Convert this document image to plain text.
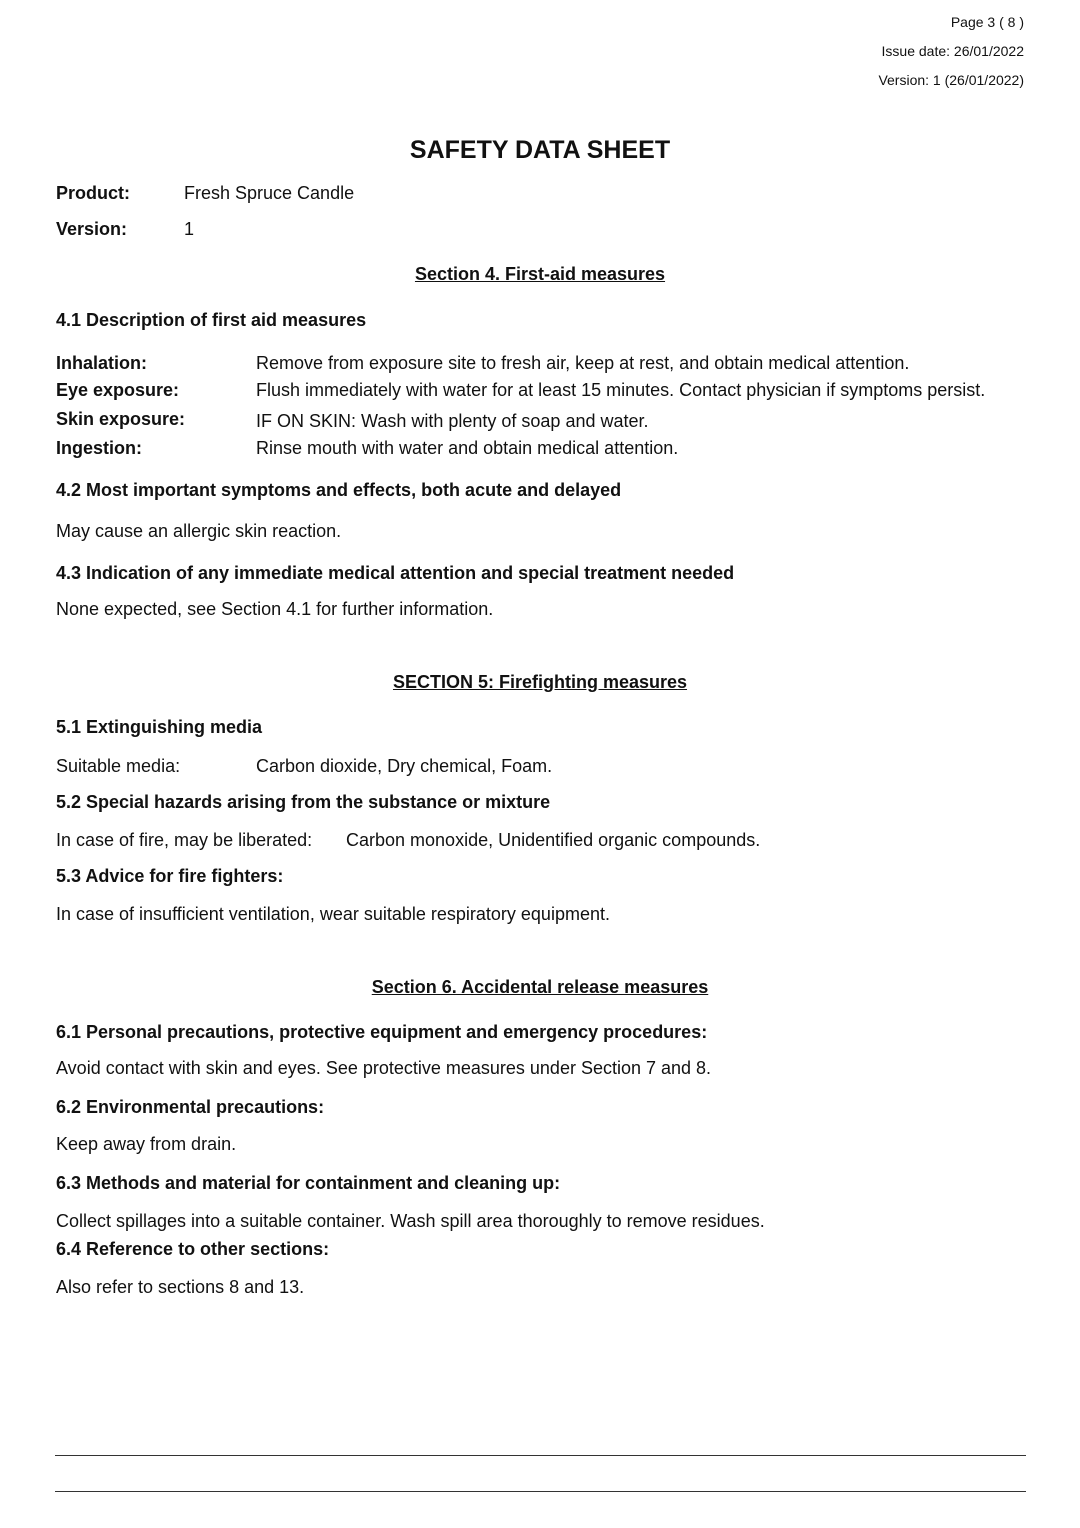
Page 3 ( 8 )
Issue date: 26/01/2022
Version: 1 (26/01/2022)
SAFETY DATA SHEET
Product:	Fresh Spruce Candle
Version:	1
Section 4. First-aid measures
4.1 Description of first aid measures
Inhalation:	Remove from exposure site to fresh air, keep at rest, and obtain medical attention.
Eye exposure:	Flush immediately with water for at least 15 minutes. Contact physician if symptoms persist.
Skin exposure:	IF ON SKIN: Wash with plenty of soap and water.
Ingestion:	Rinse mouth with water and obtain medical attention.
4.2 Most important symptoms and effects, both acute and delayed
May cause an allergic skin reaction.
4.3 Indication of any immediate medical attention and special treatment needed
None expected, see Section 4.1 for further information.
SECTION 5: Firefighting measures
5.1 Extinguishing media
Suitable media:	Carbon dioxide, Dry chemical, Foam.
5.2 Special hazards arising from the substance or mixture
In case of fire, may be liberated: Carbon monoxide, Unidentified organic compounds.
5.3 Advice for fire fighters:
In case of insufficient ventilation, wear suitable respiratory equipment.
Section 6. Accidental release measures
6.1 Personal precautions, protective equipment and emergency procedures:
Avoid contact with skin and eyes. See protective measures under Section 7 and 8.
6.2 Environmental precautions:
Keep away from drain.
6.3 Methods and material for containment and cleaning up:
Collect spillages into a suitable container. Wash spill area thoroughly to remove residues.
6.4 Reference to other sections:
Also refer to sections 8 and 13.
